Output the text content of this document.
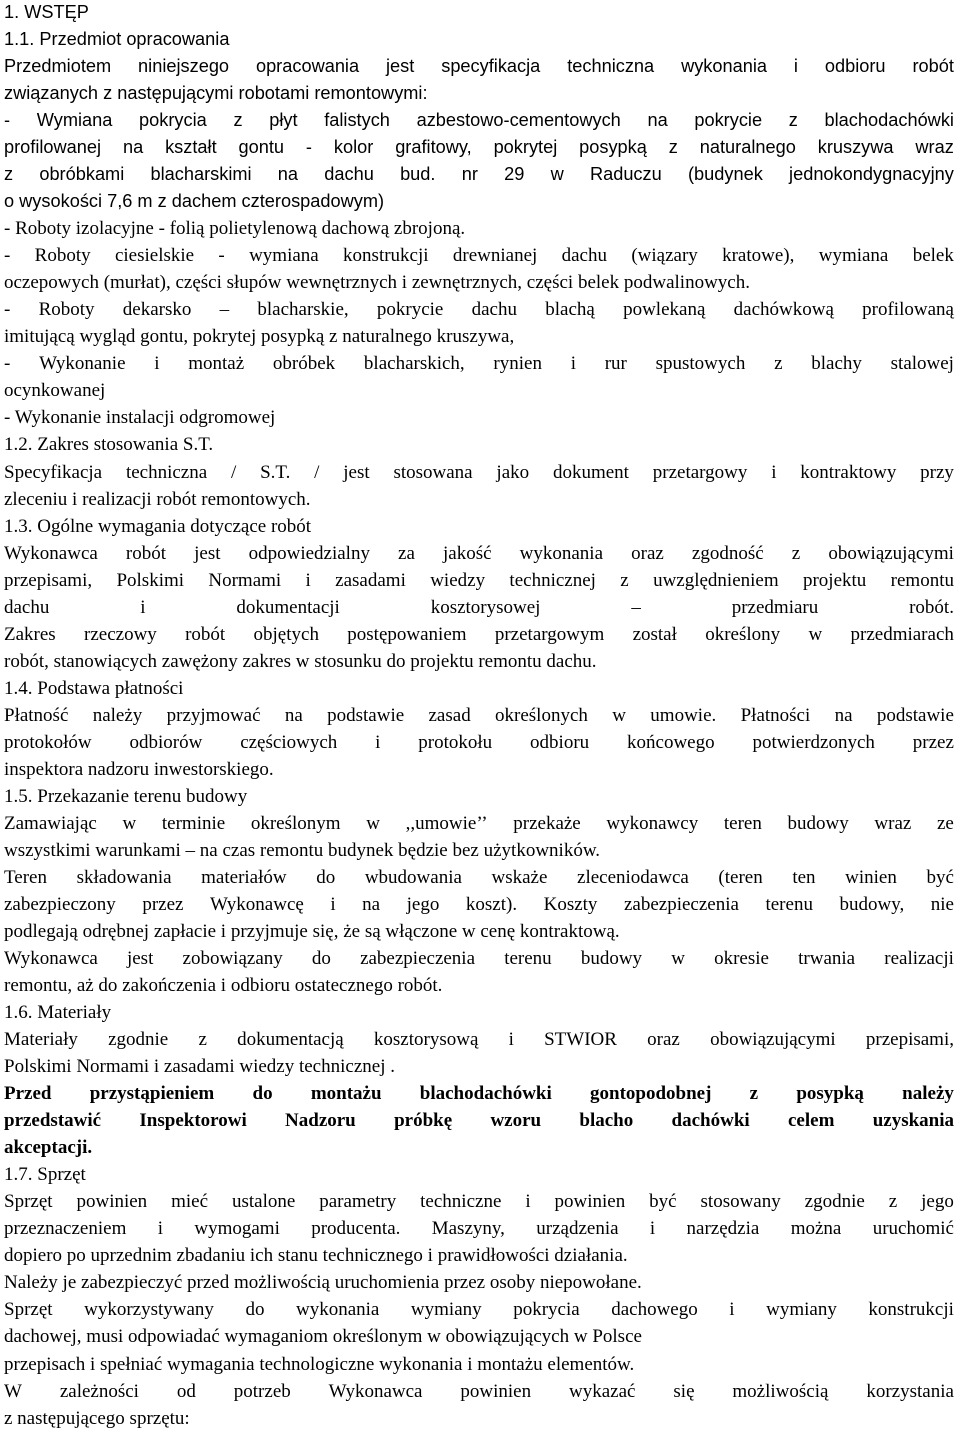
1. WSTĘP
1.1. Przedmiot opracowania
Przedmiotem niniejszego opracowania jest specyfikacja techniczna wykonania i odbioru robót
związanych z następującymi robotami remontowymi:
- Wymiana pokrycia z płyt falistych azbestowo-cementowych na pokrycie z blachodachówki
profilowanej na kształt gontu - kolor grafitowy, pokrytej posypką z naturalnego kruszywa wraz
z obróbkami blacharskimi na dachu bud. nr 29 w Raduczu (budynek jednokondygnacyjny
o wysokości 7,6 m z dachem czterospadowym)
- Roboty izolacyjne - folią polietylenową dachową zbrojoną.
- Roboty ciesielskie - wymiana konstrukcji drewnianej dachu (wiązary kratowe), wymiana belek
oczepowych (murłat), części słupów wewnętrznych i zewnętrznych, części belek podwalinowych.
- Roboty dekarsko – blacharskie, pokrycie dachu blachą powlekaną dachówkową profilowaną
imitującą wygląd gontu, pokrytej posypką z naturalnego kruszywa,
- Wykonanie i montaż obróbek blacharskich, rynien i rur spustowych z blachy stalowej
ocynkowanej
- Wykonanie instalacji odgromowej
1.2. Zakres stosowania S.T.
Specyfikacja techniczna / S.T. / jest stosowana jako dokument przetargowy i kontraktowy przy
zleceniu i realizacji robót remontowych.
1.3. Ogólne wymagania dotyczące robót
Wykonawca robót jest odpowiedzialny za jakość wykonania oraz zgodność z obowiązującymi
przepisami, Polskimi Normami i zasadami wiedzy technicznej z uwzględnieniem projektu remontu
dachu	i	dokumentacji	kosztorysowej	–	przedmiaru	robót.
Zakres rzeczowy robót objętych postępowaniem przetargowym został określony w przedmiarach
robót, stanowiących zawężony zakres w stosunku do projektu remontu dachu.
1.4. Podstawa płatności
Płatność należy przyjmować na podstawie zasad określonych w umowie. Płatności na podstawie
protokołów odbiorów częściowych i protokołu odbioru końcowego potwierdzonych przez
inspektora nadzoru inwestorskiego.
1.5. Przekazanie terenu budowy
Zamawiając w terminie określonym w ,,umowie’’ przekaże wykonawcy teren budowy wraz ze
wszystkimi warunkami – na czas remontu budynek będzie bez użytkowników.
Teren składowania materiałów do wbudowania wskaże zleceniodawca (teren ten winien być
zabezpieczony przez Wykonawcę i na jego koszt). Koszty zabezpieczenia terenu budowy, nie
podlegają odrębnej zapłacie i przyjmuje się, że są włączone w cenę kontraktową.
Wykonawca jest zobowiązany do zabezpieczenia terenu budowy w okresie trwania realizacji
remontu, aż do zakończenia i odbioru ostatecznego robót.
1.6. Materiały
Materiały zgodnie z dokumentacją kosztorysową i STWIOR oraz obowiązującymi przepisami,
Polskimi Normami i zasadami wiedzy technicznej .
Przed przystąpieniem do montażu blachodachówki gontopodobnej z posypką należy
przedstawić Inspektorowi Nadzoru próbkę wzoru blacho dachówki celem uzyskania
akceptacji.
1.7. Sprzęt
Sprzęt powinien mieć ustalone parametry techniczne i powinien być stosowany zgodnie z jego
przeznaczeniem i wymogami producenta. Maszyny, urządzenia i narzędzia można uruchomić
dopiero po uprzednim zbadaniu ich stanu technicznego i prawidłowości działania.
Należy je zabezpieczyć przed możliwością uruchomienia przez osoby niepowołane.
Sprzęt wykorzystywany do wykonania wymiany pokrycia dachowego i wymiany konstrukcji
dachowej, musi odpowiadać wymaganiom określonym w obowiązujących w Polsce
przepisach i spełniać wymagania technologiczne wykonania i montażu elementów.
W zależności od potrzeb Wykonawca powinien wykazać się możliwością korzystania
z następującego sprzętu:
